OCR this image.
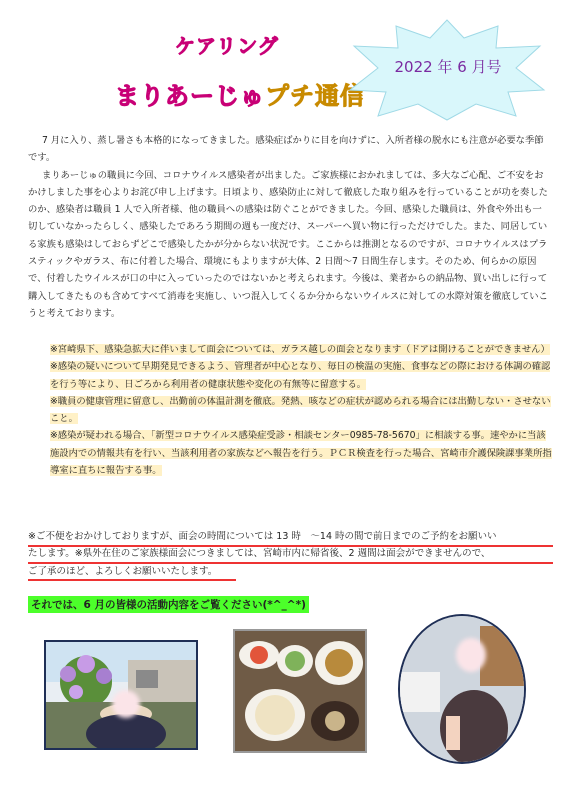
ケアリング
まりあーじゅプチ通信
2022 年 6 月号

7 月に入り、蒸し暑さも本格的になってきました。感染症ばかりに目を向けずに、入所者様の脱水にも注意が必要な季節です。

まりあーじゅの職員に今回、コロナウイルス感染者が出ました。ご家族様におかれましては、多大なご心配、ご不安をおかけしました事を心よりお詫び申し上げます。日頃より、感染防止に対して徹底した取り組みを行っていることが功を奏したのか、感染者は職員 1 人で入所者様、他の職員への感染は防ぐことができました。今回、感染した職員は、外食や外出も一切していなかったらしく、感染したであろう期間の週も一度だけ、スーパーへ買い物に行っただけでした。また、同居している家族も感染はしておらずどこで感染したかが分からない状況です。ここからは推測となるのですが、コロナウイルスはプラスティックやガラス、布に付着した場合、環境にもよりますが大体、2 日間～7 日間生存します。そのため、何らかの原因で、付着したウイルスが口の中に入っていったのではないかと考えられます。今後は、業者からの納品物、買い出しに行って購入してきたものも含めてすべて消毒を実施し、いつ混入してくるか分からないウイルスに対しての水際対策を徹底していこうと考えております。

※宮崎県下、感染急拡大に伴いまして面会については、ガラス越しの面会となります（ドアは開けることができません）
※感染の疑いについて早期発見できるよう、管理者が中心となり、毎日の検温の実施、食事などの際における体調の確認を行う等により、日ごろから利用者の健康状態や変化の有無等に留意する。
※職員の健康管理に留意し、出勤前の体温計測を徹底。発熱、咳などの症状が認められる場合には出勤しない・させないこと。
※感染が疑われる場合、「新型コロナウイルス感染症受診・相談センター0985-78-5670」に相談する事。速やかに当該施設内での情報共有を行い、当該利用者の家族などへ報告を行う。ＰＣＲ検査を行った場合、宮崎市介護保険課事業所指導室に直ちに報告する事。
※ご不便をおかけしておりますが、面会の時間については 13 時　～14 時の間で前日までのご予約をお願いい
たします。※県外在住のご家族様面会につきましては、宮崎市内に帰省後、2 週間は面会ができませんので、
ご了承のほど、よろしくお願いいたします。
それでは、6 月の皆様の活動内容をご覧ください(*^_^*)
